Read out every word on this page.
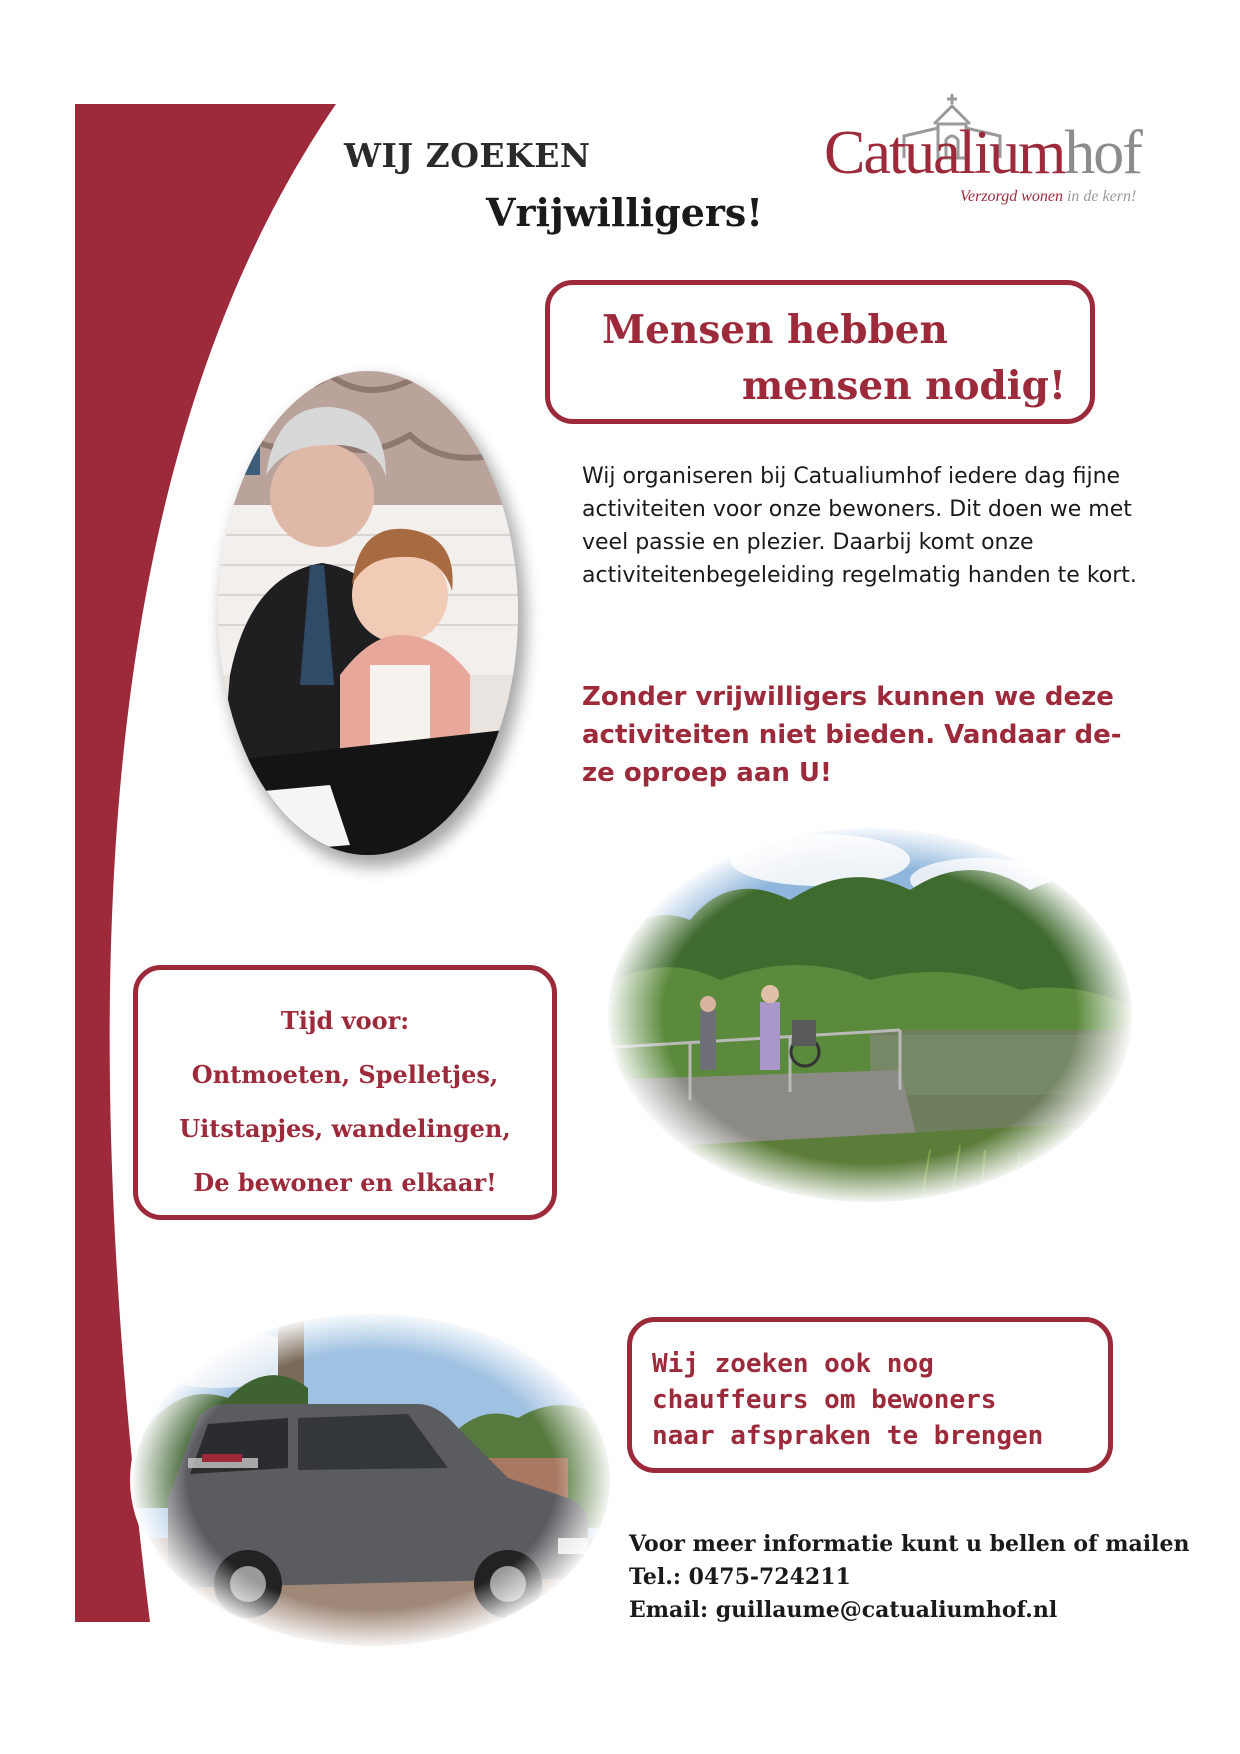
WIJ ZOEKEN
Vrijwilligers!
Catualiumhof
Verzorgd wonen in de kern!
Mensen hebben
mensen nodig!
Wij organiseren bij Catualiumhof iedere dag fijne activiteiten voor onze bewoners. Dit doen we met veel passie en plezier. Daarbij komt onze activiteitenbegeleiding regelmatig handen te kort.
Zonder vrijwilligers kunnen we deze activiteiten niet bieden. Vandaar de-ze oproep aan U!
Tijd voor:
Ontmoeten, Spelletjes,
Uitstapjes, wandelingen,
De bewoner en elkaar!
Wij zoeken ook nog
chauffeurs om bewoners
naar afspraken te brengen
Voor meer informatie kunt u bellen of mailen
Tel.: 0475-724211
Email: guillaume@catualiumhof.nl
